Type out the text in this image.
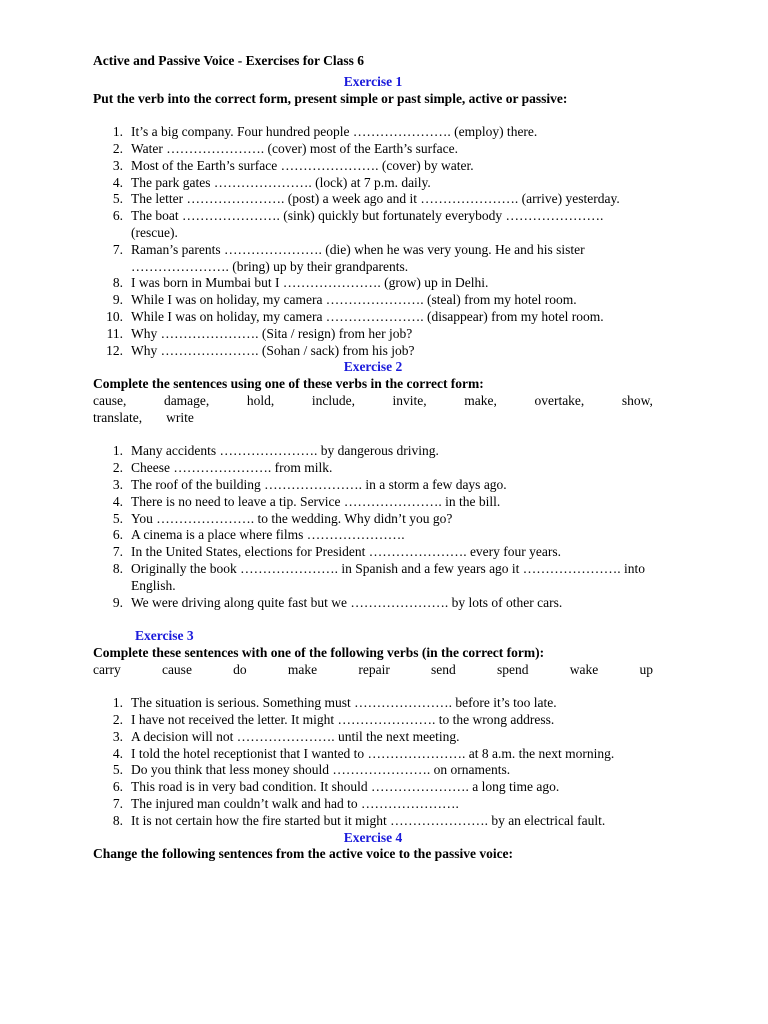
Active and Passive Voice - Exercises for Class 6

Exercise 1

Put the verb into the correct form, present simple or past simple, active or passive:

1. It’s a big company. Four hundred people …………………. (employ) there.
2. Water …………………. (cover) most of the Earth’s surface.
3. Most of the Earth’s surface …………………. (cover) by water.
4. The park gates …………………. (lock) at 7 p.m. daily.
5. The letter …………………. (post) a week ago and it …………………. (arrive) yesterday.
6. The boat …………………. (sink) quickly but fortunately everybody …………………. (rescue).
7. Raman’s parents …………………. (die) when he was very young. He and his sister …………………. (bring) up by their grandparents.
8. I was born in Mumbai but I …………………. (grow) up in Delhi.
9. While I was on holiday, my camera …………………. (steal) from my hotel room.
10. While I was on holiday, my camera …………………. (disappear) from my hotel room.
11. Why …………………. (Sita / resign) from her job?
12. Why …………………. (Sohan / sack) from his job?

Exercise 2

Complete the sentences using one of these verbs in the correct form:

cause,	damage,	hold,	include,	invite,	make,	overtake,	show,
translate, write
1. Many accidents …………………. by dangerous driving.
2. Cheese …………………. from milk.
3. The roof of the building …………………. in a storm a few days ago.
4. There is no need to leave a tip. Service …………………. in the bill.
5. You …………………. to the wedding. Why didn’t you go?
6. A cinema is a place where films ………………….
7. In the United States, elections for President …………………. every four years.
8. Originally the book …………………. in Spanish and a few years ago it …………………. into
English.
9. We were driving along quite fast but we …………………. by lots of other cars.

Exercise 3

Complete these sentences with one of the following verbs (in the correct form):

carry	cause	do	make	repair	send	spend	wake	up
1. The situation is serious. Something must …………………. before it’s too late.
2. I have not received the letter. It might …………………. to the wrong address.
3. A decision will not …………………. until the next meeting.
4. I told the hotel receptionist that I wanted to …………………. at 8 a.m. the next morning.
5. Do you think that less money should …………………. on ornaments.
6. This road is in very bad condition. It should …………………. a long time ago.
7. The injured man couldn’t walk and had to ………………….
8. It is not certain how the fire started but it might …………………. by an electrical fault.

Exercise 4

Change the following sentences from the active voice to the passive voice:
